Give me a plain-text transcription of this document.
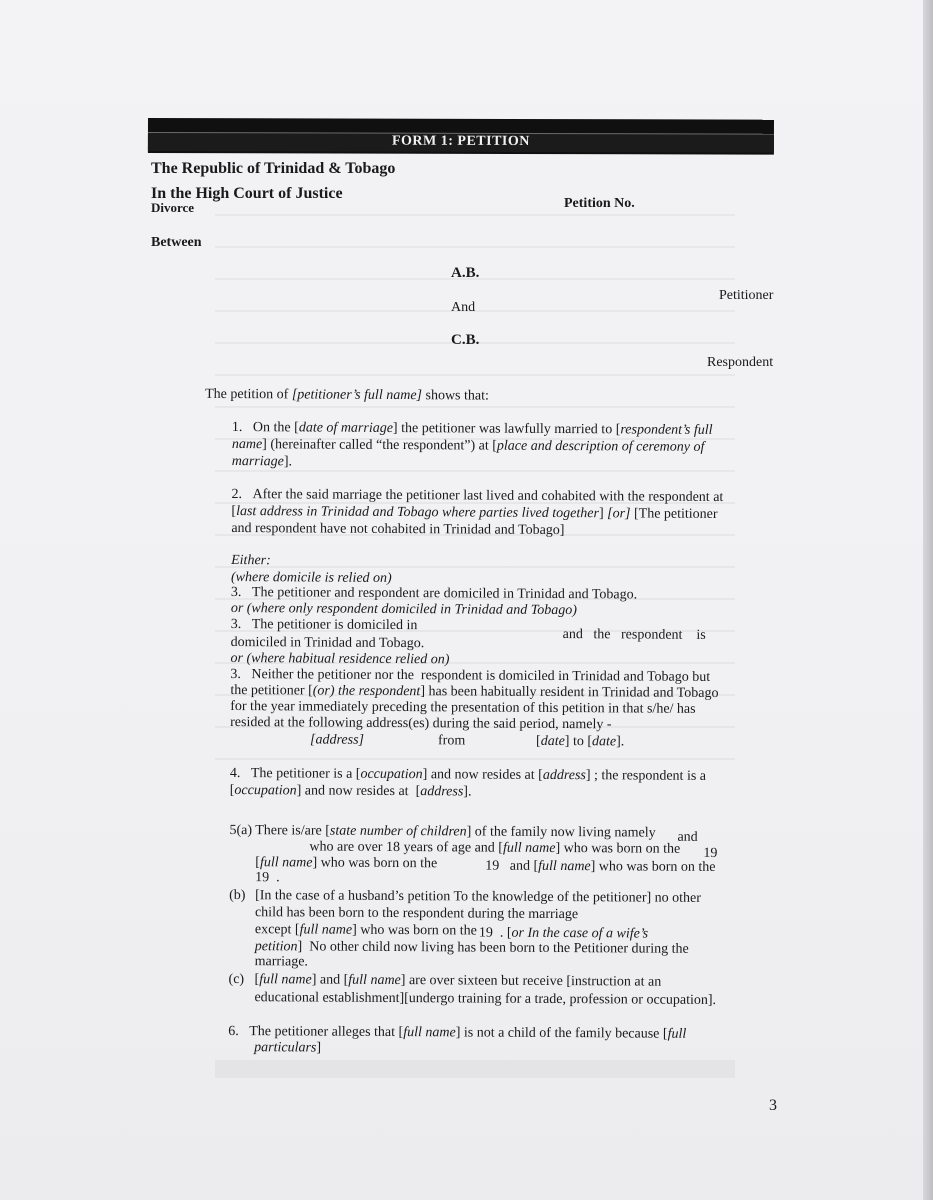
FORM 1: PETITION
The Republic of Trinidad & Tobago
In the High Court of Justice
Divorce	Petition No.
Between
A.B.
Petitioner
And
C.B.
Respondent
The petition of [petitioner’s full name] shows that:
1.   On the [date of marriage] the petitioner was lawfully married to [respondent’s full
name] (hereinafter called “the respondent”) at [place and description of ceremony of
marriage].
2.   After the said marriage the petitioner last lived and cohabited with the respondent at
[last address in Trinidad and Tobago where parties lived together] [or] [The petitioner
and respondent have not cohabited in Trinidad and Tobago]
Either:
(where domicile is relied on)
3.   The petitioner and respondent are domiciled in Trinidad and Tobago.
or (where only respondent domiciled in Trinidad and Tobago)
3.   The petitioner is domiciled in
and   the   respondent    is
domiciled in Trinidad and Tobago.
or (where habitual residence relied on)
3.   Neither the petitioner nor the  respondent is domiciled in Trinidad and Tobago but
the petitioner [(or) the respondent] has been habitually resident in Trinidad and Tobago
for the year immediately preceding the presentation of this petition in that s/he/ has
resided at the following address(es) during the said period, namely -
[address]	from	[date] to [date].
4.   The petitioner is a [occupation] and now resides at [address] ; the respondent is a
[occupation] and now resides at  [address].
5(a) There is/are [state number of children] of the family now living namely and
who are over 18 years of age and [full name] who was born on the 19
[full name] who was born on the	19   and [full name] who was born on the
19  .
(b) [In the case of a husband’s petition To the knowledge of the petitioner] no other
child has been born to the respondent during the marriage
except [full name] who was born on the 19  . [or In the case of a wife’s
petition]  No other child now living has been born to the Petitioner during the
marriage.
(c) [full name] and [full name] are over sixteen but receive [instruction at an
educational establishment][undergo training for a trade, profession or occupation].
6.   The petitioner alleges that [full name] is not a child of the family because [full
particulars]
3
